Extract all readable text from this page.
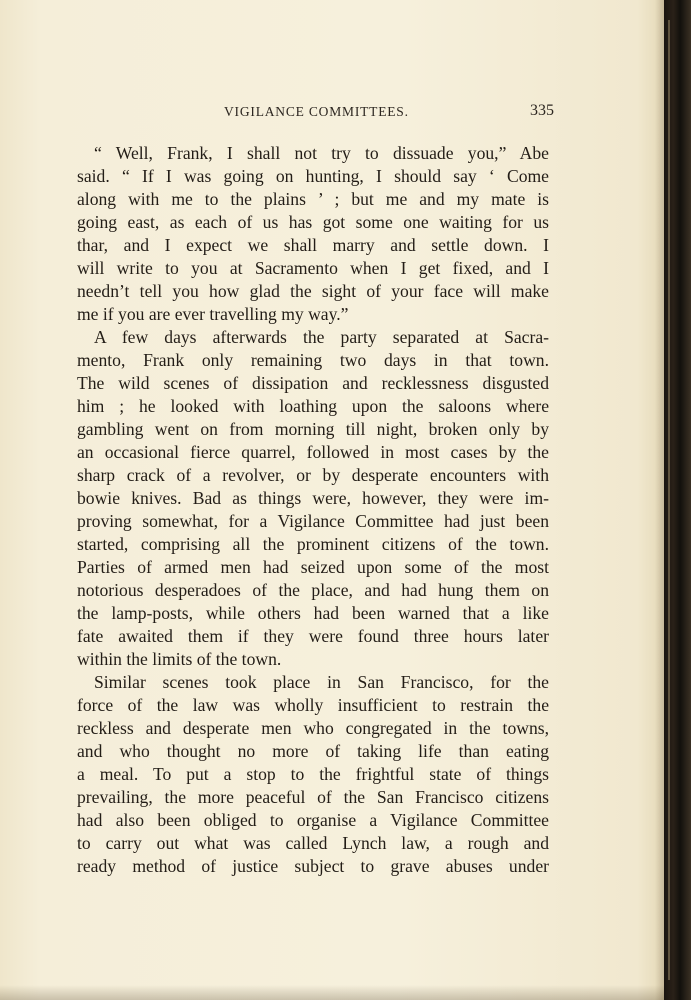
VIGILANCE COMMITTEES.	335

“ Well, Frank, I shall not try to dissuade you,” Abe
said. “ If I was going on hunting, I should say ‘ Come
along with me to the plains ’ ; but me and my mate is
going east, as each of us has got some one waiting for us
thar, and I expect we shall marry and settle down. I
will write to you at Sacramento when I get fixed, and I
needn’t tell you how glad the sight of your face will make
me if you are ever travelling my way.”

A few days afterwards the party separated at Sacra-
mento, Frank only remaining two days in that town.
The wild scenes of dissipation and recklessness disgusted
him ; he looked with loathing upon the saloons where
gambling went on from morning till night, broken only by
an occasional fierce quarrel, followed in most cases by the
sharp crack of a revolver, or by desperate encounters with
bowie knives. Bad as things were, however, they were im-
proving somewhat, for a Vigilance Committee had just been
started, comprising all the prominent citizens of the town.
Parties of armed men had seized upon some of the most
notorious desperadoes of the place, and had hung them on
the lamp-posts, while others had been warned that a like
fate awaited them if they were found three hours later
within the limits of the town.

Similar scenes took place in San Francisco, for the
force of the law was wholly insufficient to restrain the
reckless and desperate men who congregated in the towns,
and who thought no more of taking life than eating
a meal. To put a stop to the frightful state of things
prevailing, the more peaceful of the San Francisco citizens
had also been obliged to organise a Vigilance Committee
to carry out what was called Lynch law, a rough and
ready method of justice subject to grave abuses under
